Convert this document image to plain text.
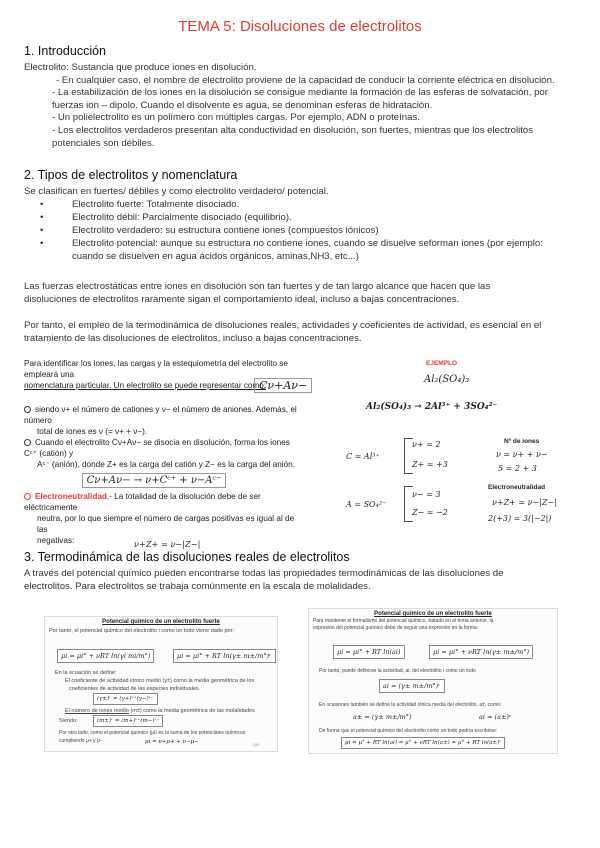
TEMA 5: Disoluciones de electrolitos
1. Introducción
Electrolito: Sustancia que produce iones en disolución.
- En cualquier caso, el nombre de electrolito proviene de la capacidad de conducir la corriente eléctrica en disolución.
- La estabilización de los iones en la disolución se consigue mediante la formación de las esferas de solvatación, por
fuerzas ion – dipolo. Cuando el disolvente es agua, se denominan esferas de hidratación.
- Un polielectrolito es un polímero con múltiples cargas. Por ejemplo, ADN o proteínas.
- Los electrolitos verdaderos presentan alta conductividad en disolución, son fuertes, mientras que los electrolitos
potenciales son débiles.
2. Tipos de electrolitos y nomenclatura
Se clasifican en fuertes/ débiles y como electrolito verdadero/ potencial.
•	Electrolito fuerte: Totalmente disociado.
•	Electrolito débil: Parcialmente disociado (equilibrio).
•	Electrolito verdadero: su estructura contiene iones (compuestos iónicos)
•	Electrolito potencial: aunque su estructura no contiene iones, cuando se disuelve seforman iones (por ejemplo:
cuando se disuelven en agua ácidos orgánicos, aminas,NH3, etc...)
Las fuerzas electrostáticas entre iones en disolución son tan fuertes y de tan largo alcance que hacen que las
disoluciones de electrolitos raramente sigan el comportamiento ideal, incluso a bajas concentraciones.
Por tanto, el empleo de la termodinámica de disoluciones reales, actividades y coeficientes de actividad, es esencial en el
tratamiento de las disoluciones de electrolitos, incluso a bajas concentraciones.
Para identificar los iones, las cargas y la estequiometría del electrolito se empleará una
nomenclatura particular. Un electrolito se puede representar como:
Cν+Aν−
siendo ν+ el número de cationes y ν− el número de aniones. Además, el número
total de iones es ν (= ν+ + ν−).
Cuando el electrolito Cν+Aν− se disocia en disolución, forma los iones Cᶜ⁺ (catión) y
Aᶜ⁻ (anión), donde Z+ es la carga del catión y Z− es la carga del anión.
Cν+Aν− → ν+Cᶜ⁺ + ν−Aᶜ⁻
Electroneutralidad.- La totalidad de la disolución debe de ser eléctricamente
neutra, por lo que siempre el número de cargas positivas es igual al de las
negativas:	ν+Z+ = ν−|Z−|
EJEMPLO
Al₂(SO₄)₃
Al₂(SO₄)₃ → 2Al³⁺ + 3SO₄²⁻
C = Al³⁺
ν+ = 2
Z+ = +3
A = SO₄²⁻
ν− = 3
Z− = −2
Nº de iones
ν = ν+ + ν−
5 = 2 + 3
Electroneutralidad
ν+Z+ = ν−|Z−|
2(+3) = 3(|−2|)
3. Termodinámica de las disoluciones reales de electrolitos
A través del potencial químico pueden encontrarse todas las propiedades termodinámicas de las disoluciones de
electrolitos. Para electrolitos se trabaja comúnmente en la escala de molalidades.
Potencial químico de un electrolito fuerte
Por tanto, el potencial químico del electrolito i como un todo viene dado por:
μi = μi° + νRT ln(γi mi/m°)	μi = μi° + RT ln(γ± m±/m°)ᵛ
En la ecuación se define:
El coeficiente de actividad iónico medio (γ±) como la media geométrica de los
coeficientes de actividad de las especies individuales.
(γ±)ᵛ = (γ+)ᵛ⁺(γ−)ᵛ⁻
El número de iones medio (m±) como la media geométrica de las molalidades
Siendo:	(m±)ᵛ = (m+)ᵛ⁺(m−)ᵛ⁻
Por otro lado, como el potencial químico (μi) es la suma de los potenciales químicos
cumpliendo μ+ y μ−	μi = ν+μ+ + ν−μ−	rpb
Potencial químico de un electrolito fuerte
Para mantener el formalismo del potencial químico, tratado en el tema anterior, la
expresión del potencial químico debe de seguir una expresión en la forma:
μi = μi° + RT ln(ai)	μi = μi° + νRT ln(γ± m±/m°)
Por tanto, puede definirse la actividad, ai, del electrolito i como un todo
ai = (γ± m±/m°)ᵛ
En ocasiones también se define la actividad iónica media del electrolito, a±, como:
a± = (γ± m±/m°)	ai = (a±)ᵛ
De forma que el potencial químico del electrolito como un todo podría escribirse:
μi = μ° + RT ln(ai) = μ° + νRT ln(a±) = μ° + RT ln(a±)ᵛ
